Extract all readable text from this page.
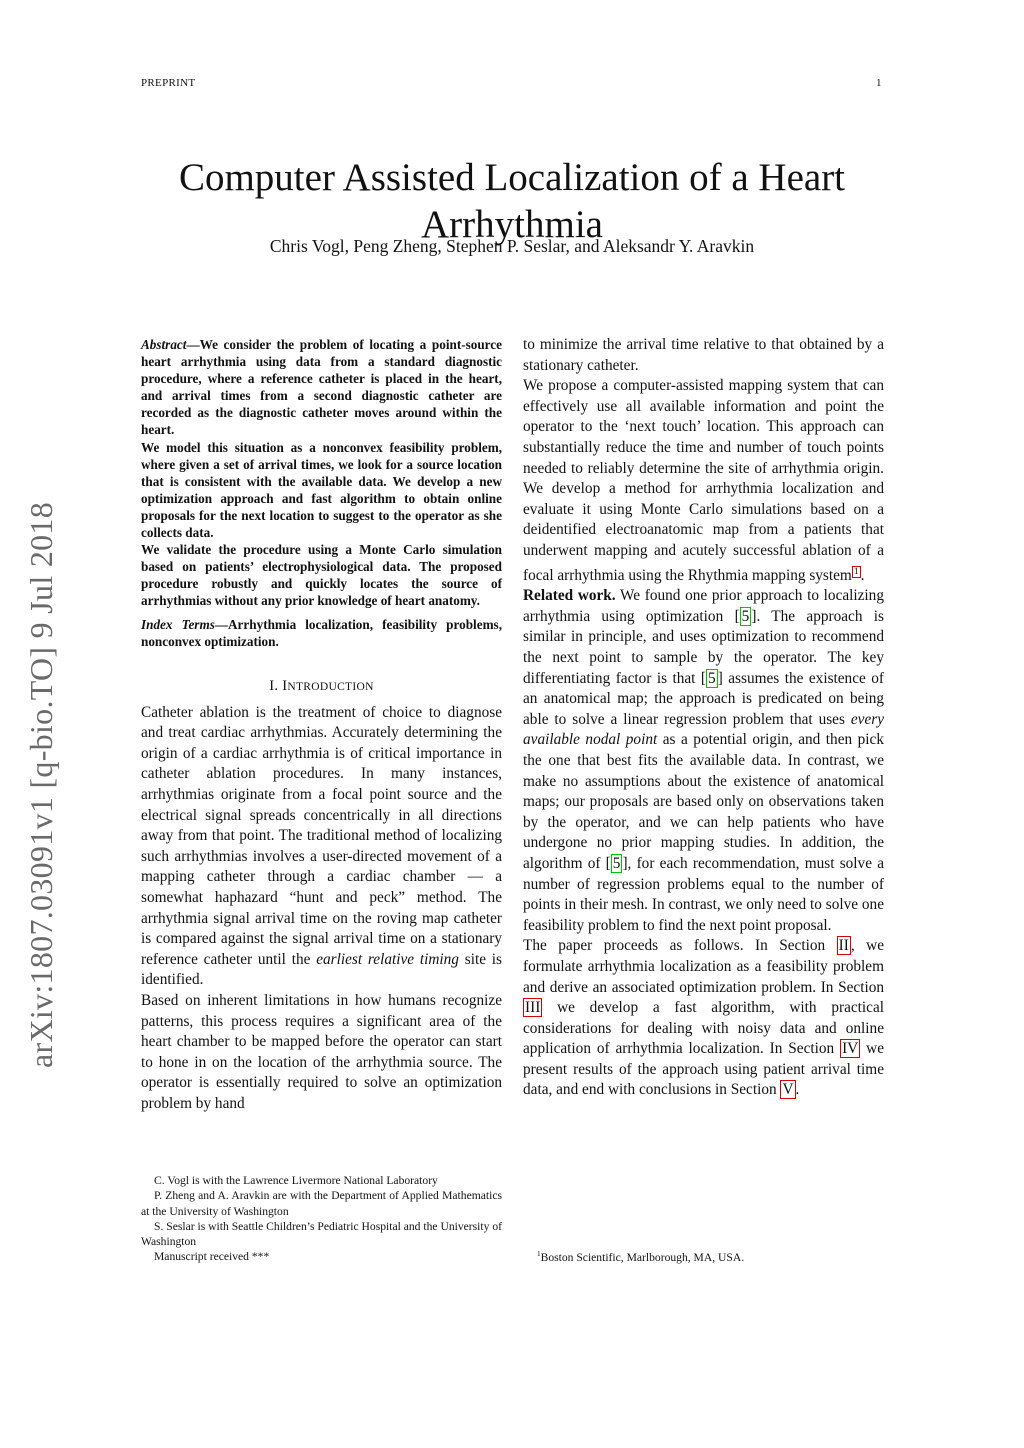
PREPRINT	1
arXiv:1807.03091v1 [q-bio.TO] 9 Jul 2018
Computer Assisted Localization of a Heart Arrhythmia
Chris Vogl, Peng Zheng, Stephen P. Seslar, and Aleksandr Y. Aravkin

Abstract—We consider the problem of locating a point-source heart arrhythmia using data from a standard diagnostic procedure, where a reference catheter is placed in the heart, and arrival times from a second diagnostic catheter are recorded as the diagnostic catheter moves around within the heart.

We model this situation as a nonconvex feasibility problem, where given a set of arrival times, we look for a source location that is consistent with the available data. We develop a new optimization approach and fast algorithm to obtain online proposals for the next location to suggest to the operator as she collects data.

We validate the procedure using a Monte Carlo simulation based on patients’ electrophysiological data. The proposed procedure robustly and quickly locates the source of arrhythmias without any prior knowledge of heart anatomy.

Index Terms—Arrhythmia localization, feasibility problems, nonconvex optimization.

I. INTRODUCTION

Catheter ablation is the treatment of choice to diagnose and treat cardiac arrhythmias. Accurately determining the origin of a cardiac arrhythmia is of critical importance in catheter ablation procedures. In many instances, arrhythmias originate from a focal point source and the electrical signal spreads concentrically in all directions away from that point. The traditional method of localizing such arrhythmias involves a user-directed movement of a mapping catheter through a cardiac chamber — a somewhat haphazard “hunt and peck” method. The arrhythmia signal arrival time on the roving map catheter is compared against the signal arrival time on a stationary reference catheter until the earliest relative timing site is identified.

Based on inherent limitations in how humans recognize patterns, this process requires a significant area of the heart chamber to be mapped before the operator can start to hone in on the location of the arrhythmia source. The operator is essentially required to solve an optimization problem by hand

to minimize the arrival time relative to that obtained by a stationary catheter.

We propose a computer-assisted mapping system that can effectively use all available information and point the operator to the ‘next touch’ location. This approach can substantially reduce the time and number of touch points needed to reliably determine the site of arrhythmia origin. We develop a method for arrhythmia localization and evaluate it using Monte Carlo simulations based on a deidentified electroanatomic map from a patients that underwent mapping and acutely successful ablation of a focal arrhythmia using the Rhythmia mapping system $^1$ .

Related work. We found one prior approach to localizing arrhythmia using optimization [ 5 ]. The approach is similar in principle, and uses optimization to recommend the next point to sample by the operator. The key differentiating factor is that [ 5 ] assumes the existence of an anatomical map; the approach is predicated on being able to solve a linear regression problem that uses every available nodal point as a potential origin, and then pick the one that best fits the available data. In contrast, we make no assumptions about the existence of anatomical maps; our proposals are based only on observations taken by the operator, and we can help patients who have undergone no prior mapping studies. In addition, the algorithm of [ 5 ], for each recommendation, must solve a number of regression problems equal to the number of points in their mesh. In contrast, we only need to solve one feasibility problem to find the next point proposal.

The paper proceeds as follows. In Section II , we formulate arrhythmia localization as a feasibility problem and derive an associated optimization problem. In Section III we develop a fast algorithm, with practical considerations for dealing with noisy data and online application of arrhythmia localization. In Section IV we present results of the approach using patient arrival time data, and end with conclusions in Section V .

C. Vogl is with the Lawrence Livermore National Laboratory

P. Zheng and A. Aravkin are with the Department of Applied Mathematics at the University of Washington

S. Seslar is with Seattle Children’s Pediatric Hospital and the University of Washington

Manuscript received ***	$^1$Boston Scientific, Marlborough, MA, USA.
